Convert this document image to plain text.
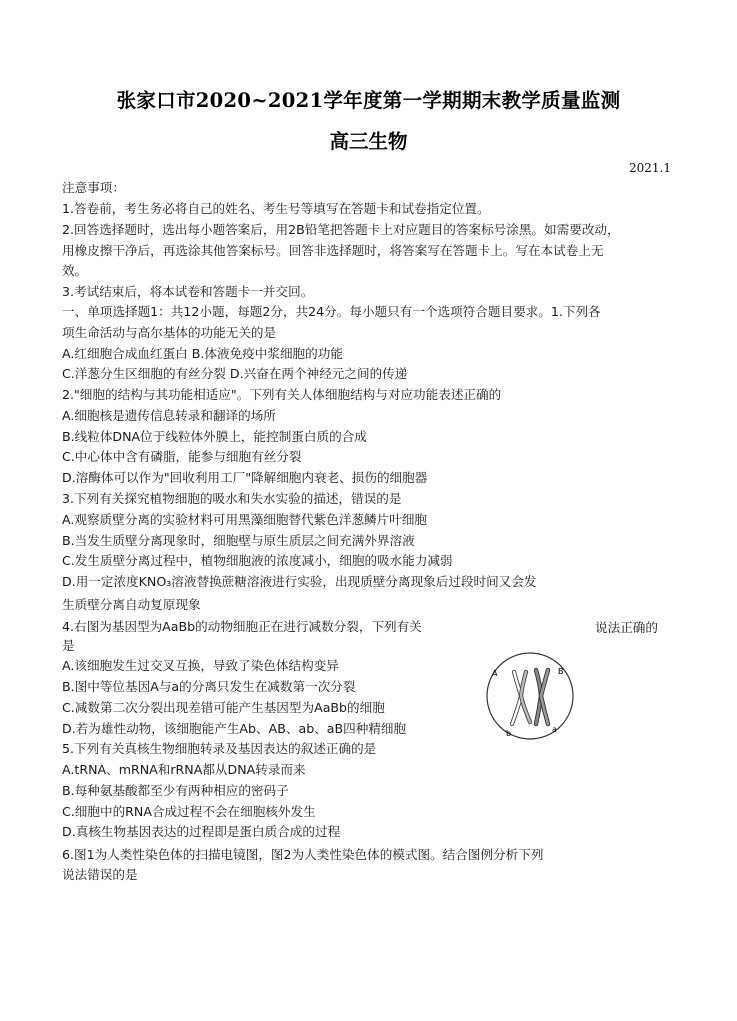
张家口市2020~2021学年度第一学期期末教学质量监测
高三生物
2021.1
注意事项：
1.答卷前，考生务必将自己的姓名、考生号等填写在答题卡和试卷指定位置。
2.回答选择题时，选出每小题答案后，用2B铅笔把答题卡上对应题目的答案标号涂黑。如需要改动，
用橡皮擦干净后，再选涂其他答案标号。回答非选择题时，将答案写在答题卡上。写在本试卷上无
效。
3.考试结束后，将本试卷和答题卡一并交回。
一、单项选择题1：共12小题，每题2分，共24分。每小题只有一个选项符合题目要求。1.下列各
项生命活动与高尔基体的功能无关的是
A.红细胞合成血红蛋白 B.体液免疫中浆细胞的功能
C.洋葱分生区细胞的有丝分裂 D.兴奋在两个神经元之间的传递
2."细胞的结构与其功能相适应"。下列有关人体细胞结构与对应功能表述正确的
A.细胞核是遗传信息转录和翻译的场所
B.线粒体DNA位于线粒体外膜上，能控制蛋白质的合成
C.中心体中含有磷脂，能参与细胞有丝分裂
D.溶酶体可以作为"回收利用工厂"降解细胞内衰老、损伤的细胞器
3.下列有关探究植物细胞的吸水和失水实验的描述，错误的是
A.观察质壁分离的实验材料可用黑藻细胞替代紫色洋葱鳞片叶细胞
B.当发生质壁分离现象时，细胞壁与原生质层之间充满外界溶液
C.发生质壁分离过程中，植物细胞液的浓度减小，细胞的吸水能力减弱
D.用一定浓度KNO₃溶液替换蔗糖溶液进行实验，出现质壁分离现象后过段时间又会发
生质壁分离自动复原现象
4.右图为基因型为AaBb的动物细胞正在进行减数分裂，下列有关	说法正确的
是
A.该细胞发生过交叉互换，导致了染色体结构变异
B.图中等位基因A与a的分离只发生在减数第一次分裂
C.减数第二次分裂出现差错可能产生基因型为AaBb的细胞
D.若为雄性动物，该细胞能产生Ab、AB、ab、aB四种精细胞
5.下列有关真核生物细胞转录及基因表达的叙述正确的是
A.tRNA、mRNA和rRNA都从DNA转录而来
B.每种氨基酸都至少有两种相应的密码子
C.细胞中的RNA合成过程不会在细胞核外发生
D.真核生物基因表达的过程即是蛋白质合成的过程
6.图1为人类性染色体的扫描电镜图，图2为人类性染色体的模式图。结合图例分析下列
说法错误的是
A
b
B
a
